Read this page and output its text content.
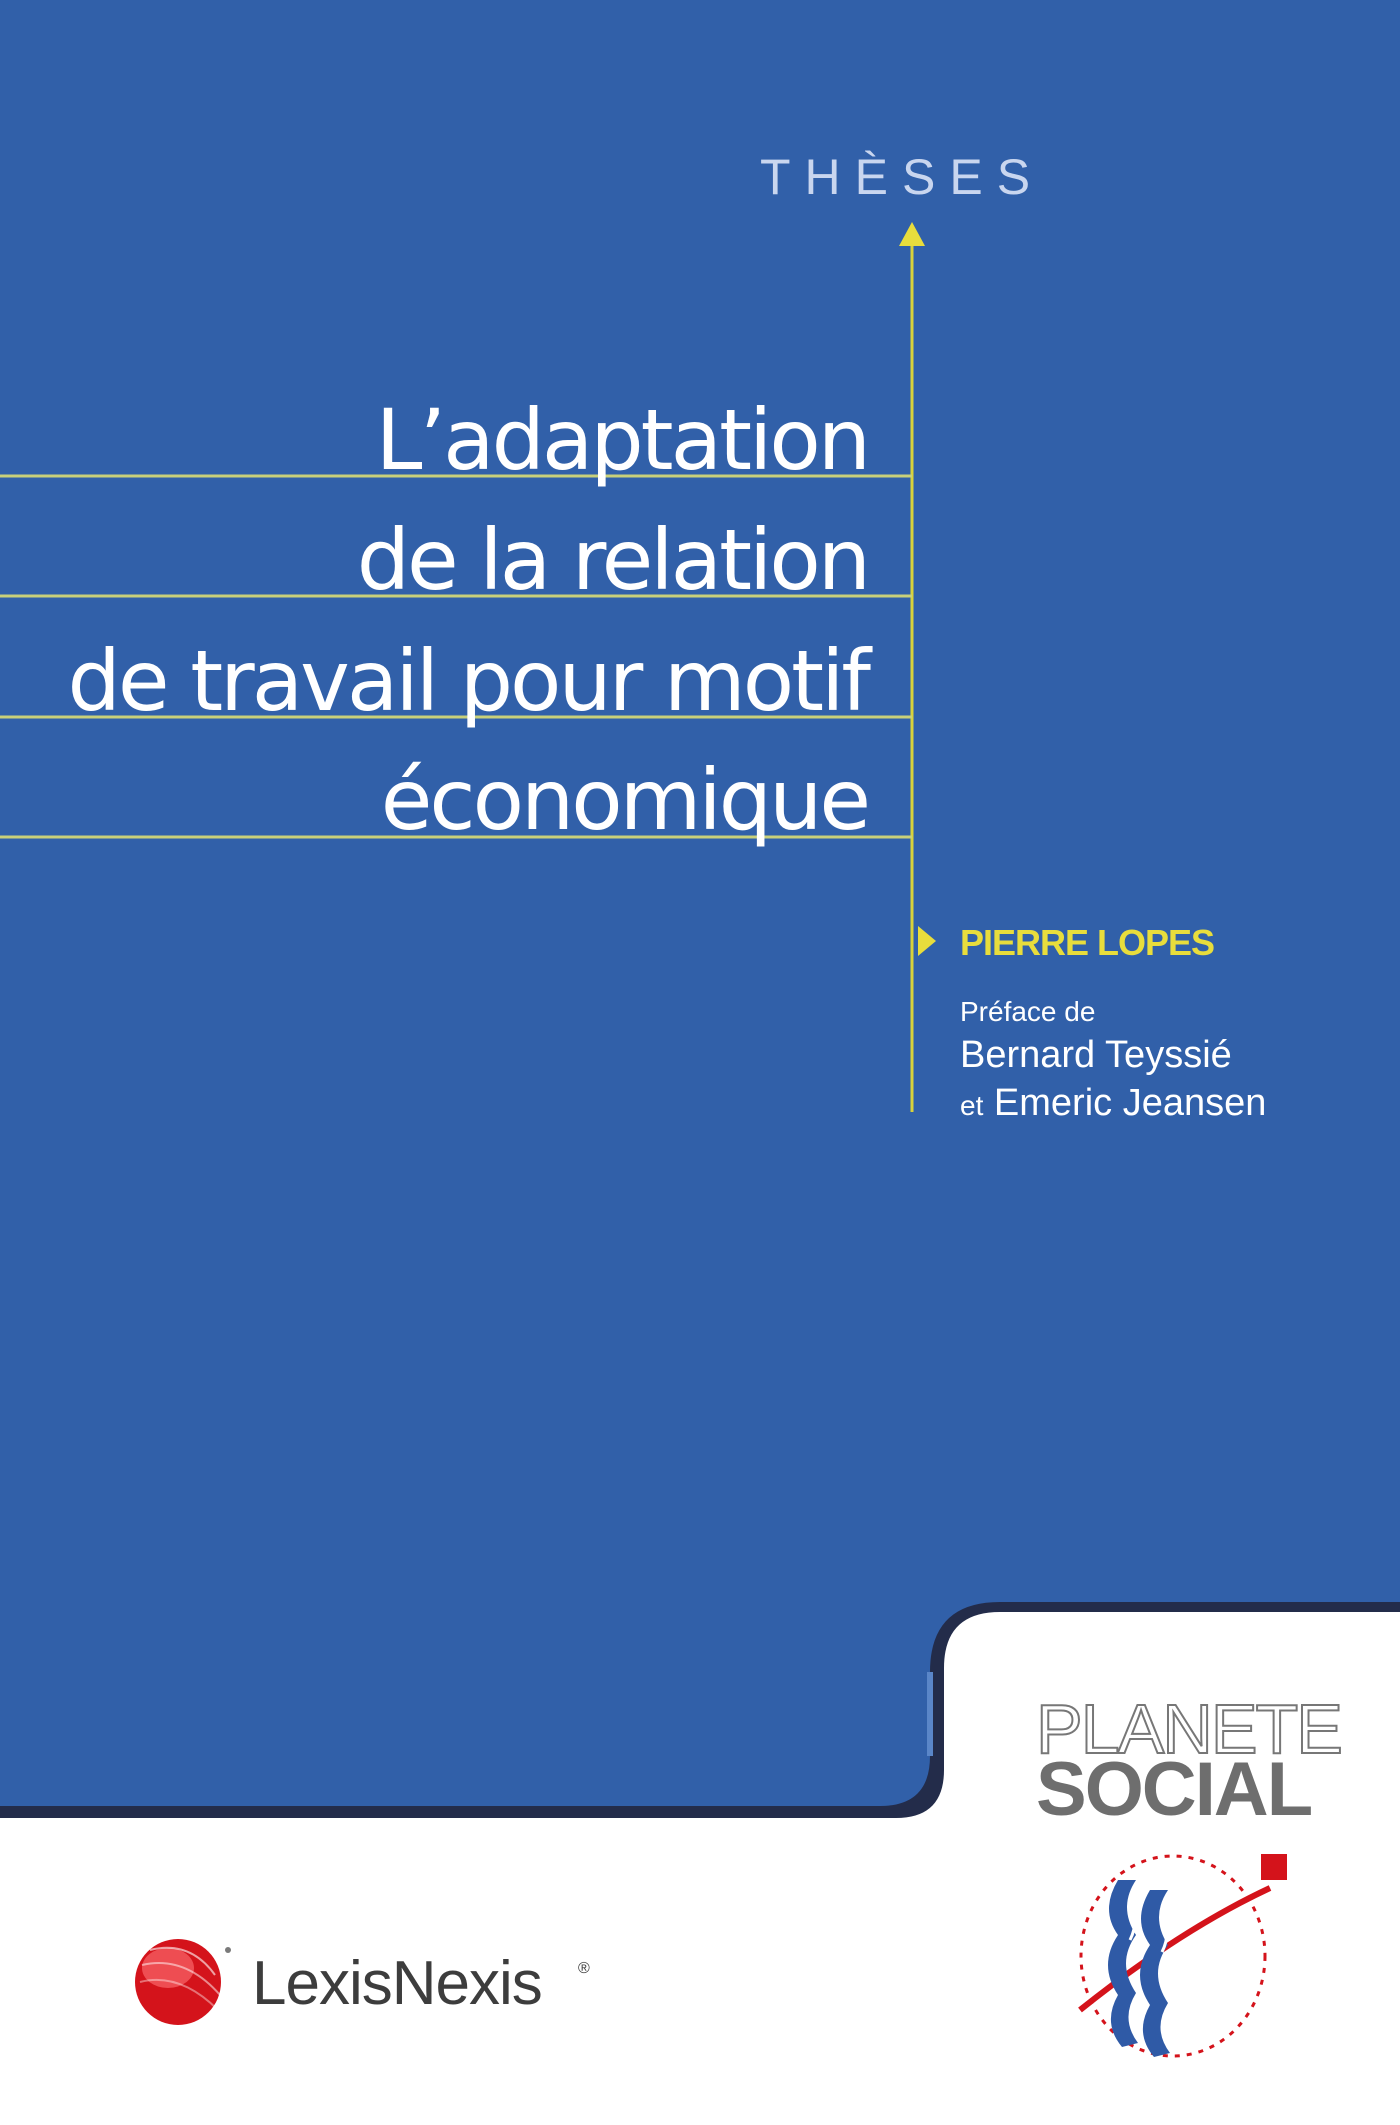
THÈSES
L’adaptation
de la relation
de travail pour motif
économique
PIERRE LOPES
Préface de
Bernard Teyssié
et Emeric Jeansen
LexisNexis ®
PLANETE
SOCIAL
